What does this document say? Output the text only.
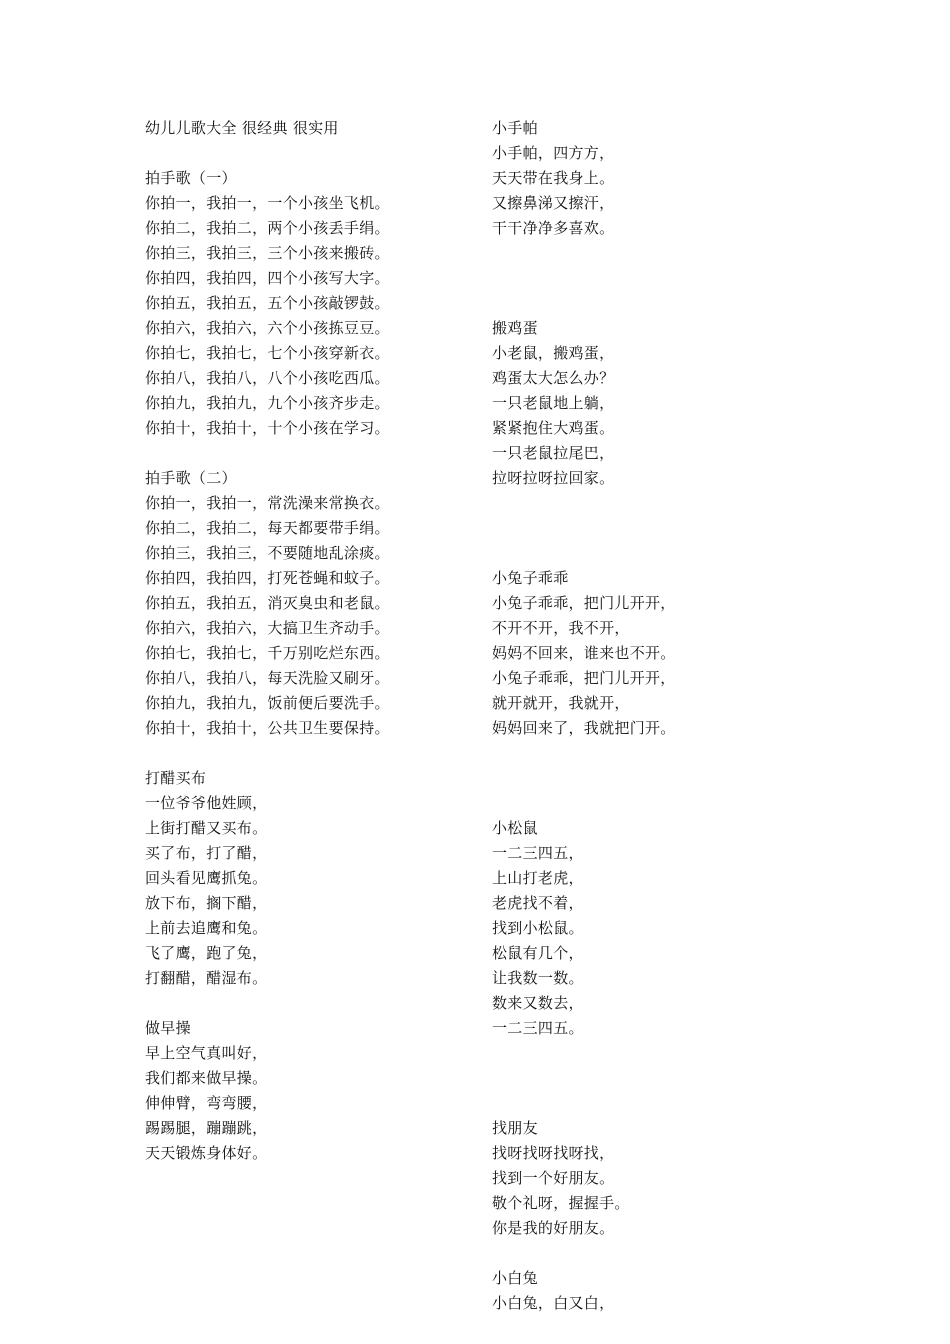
幼儿儿歌大全 很经典 很实用
拍手歌（一）
你拍一，我拍一，一个小孩坐飞机。
你拍二，我拍二，两个小孩丢手绢。
你拍三，我拍三，三个小孩来搬砖。
你拍四，我拍四，四个小孩写大字。
你拍五，我拍五，五个小孩敲锣鼓。
你拍六，我拍六，六个小孩拣豆豆。
你拍七，我拍七，七个小孩穿新衣。
你拍八，我拍八，八个小孩吃西瓜。
你拍九，我拍九，九个小孩齐步走。
你拍十，我拍十，十个小孩在学习。
拍手歌（二）
你拍一，我拍一，常洗澡来常换衣。
你拍二，我拍二，每天都要带手绢。
你拍三，我拍三，不要随地乱涂痰。
你拍四，我拍四，打死苍蝇和蚊子。
你拍五，我拍五，消灭臭虫和老鼠。
你拍六，我拍六，大搞卫生齐动手。
你拍七，我拍七，千万别吃烂东西。
你拍八，我拍八，每天洗脸又刷牙。
你拍九，我拍九，饭前便后要洗手。
你拍十，我拍十，公共卫生要保持。
打醋买布
一位爷爷他姓顾，
上街打醋又买布。
买了布，打了醋，
回头看见鹰抓兔。
放下布，搁下醋，
上前去追鹰和兔。
飞了鹰，跑了兔，
打翻醋，醋湿布。
做早操
早上空气真叫好，
我们都来做早操。
伸伸臂，弯弯腰，
踢踢腿，蹦蹦跳，
天天锻炼身体好。
小手帕
小手帕，四方方，
天天带在我身上。
又擦鼻涕又擦汗，
干干净净多喜欢。
搬鸡蛋
小老鼠，搬鸡蛋，
鸡蛋太大怎么办？
一只老鼠地上躺，
紧紧抱住大鸡蛋。
一只老鼠拉尾巴，
拉呀拉呀拉回家。
小兔子乖乖
小兔子乖乖，把门儿开开，
不开不开，我不开，
妈妈不回来，谁来也不开。
小兔子乖乖，把门儿开开，
就开就开，我就开，
妈妈回来了，我就把门开。
小松鼠
一二三四五，
上山打老虎，
老虎找不着，
找到小松鼠。
松鼠有几个，
让我数一数。
数来又数去，
一二三四五。
找朋友
找呀找呀找呀找，
找到一个好朋友。
敬个礼呀，握握手。
你是我的好朋友。
小白兔
小白兔，白又白，
